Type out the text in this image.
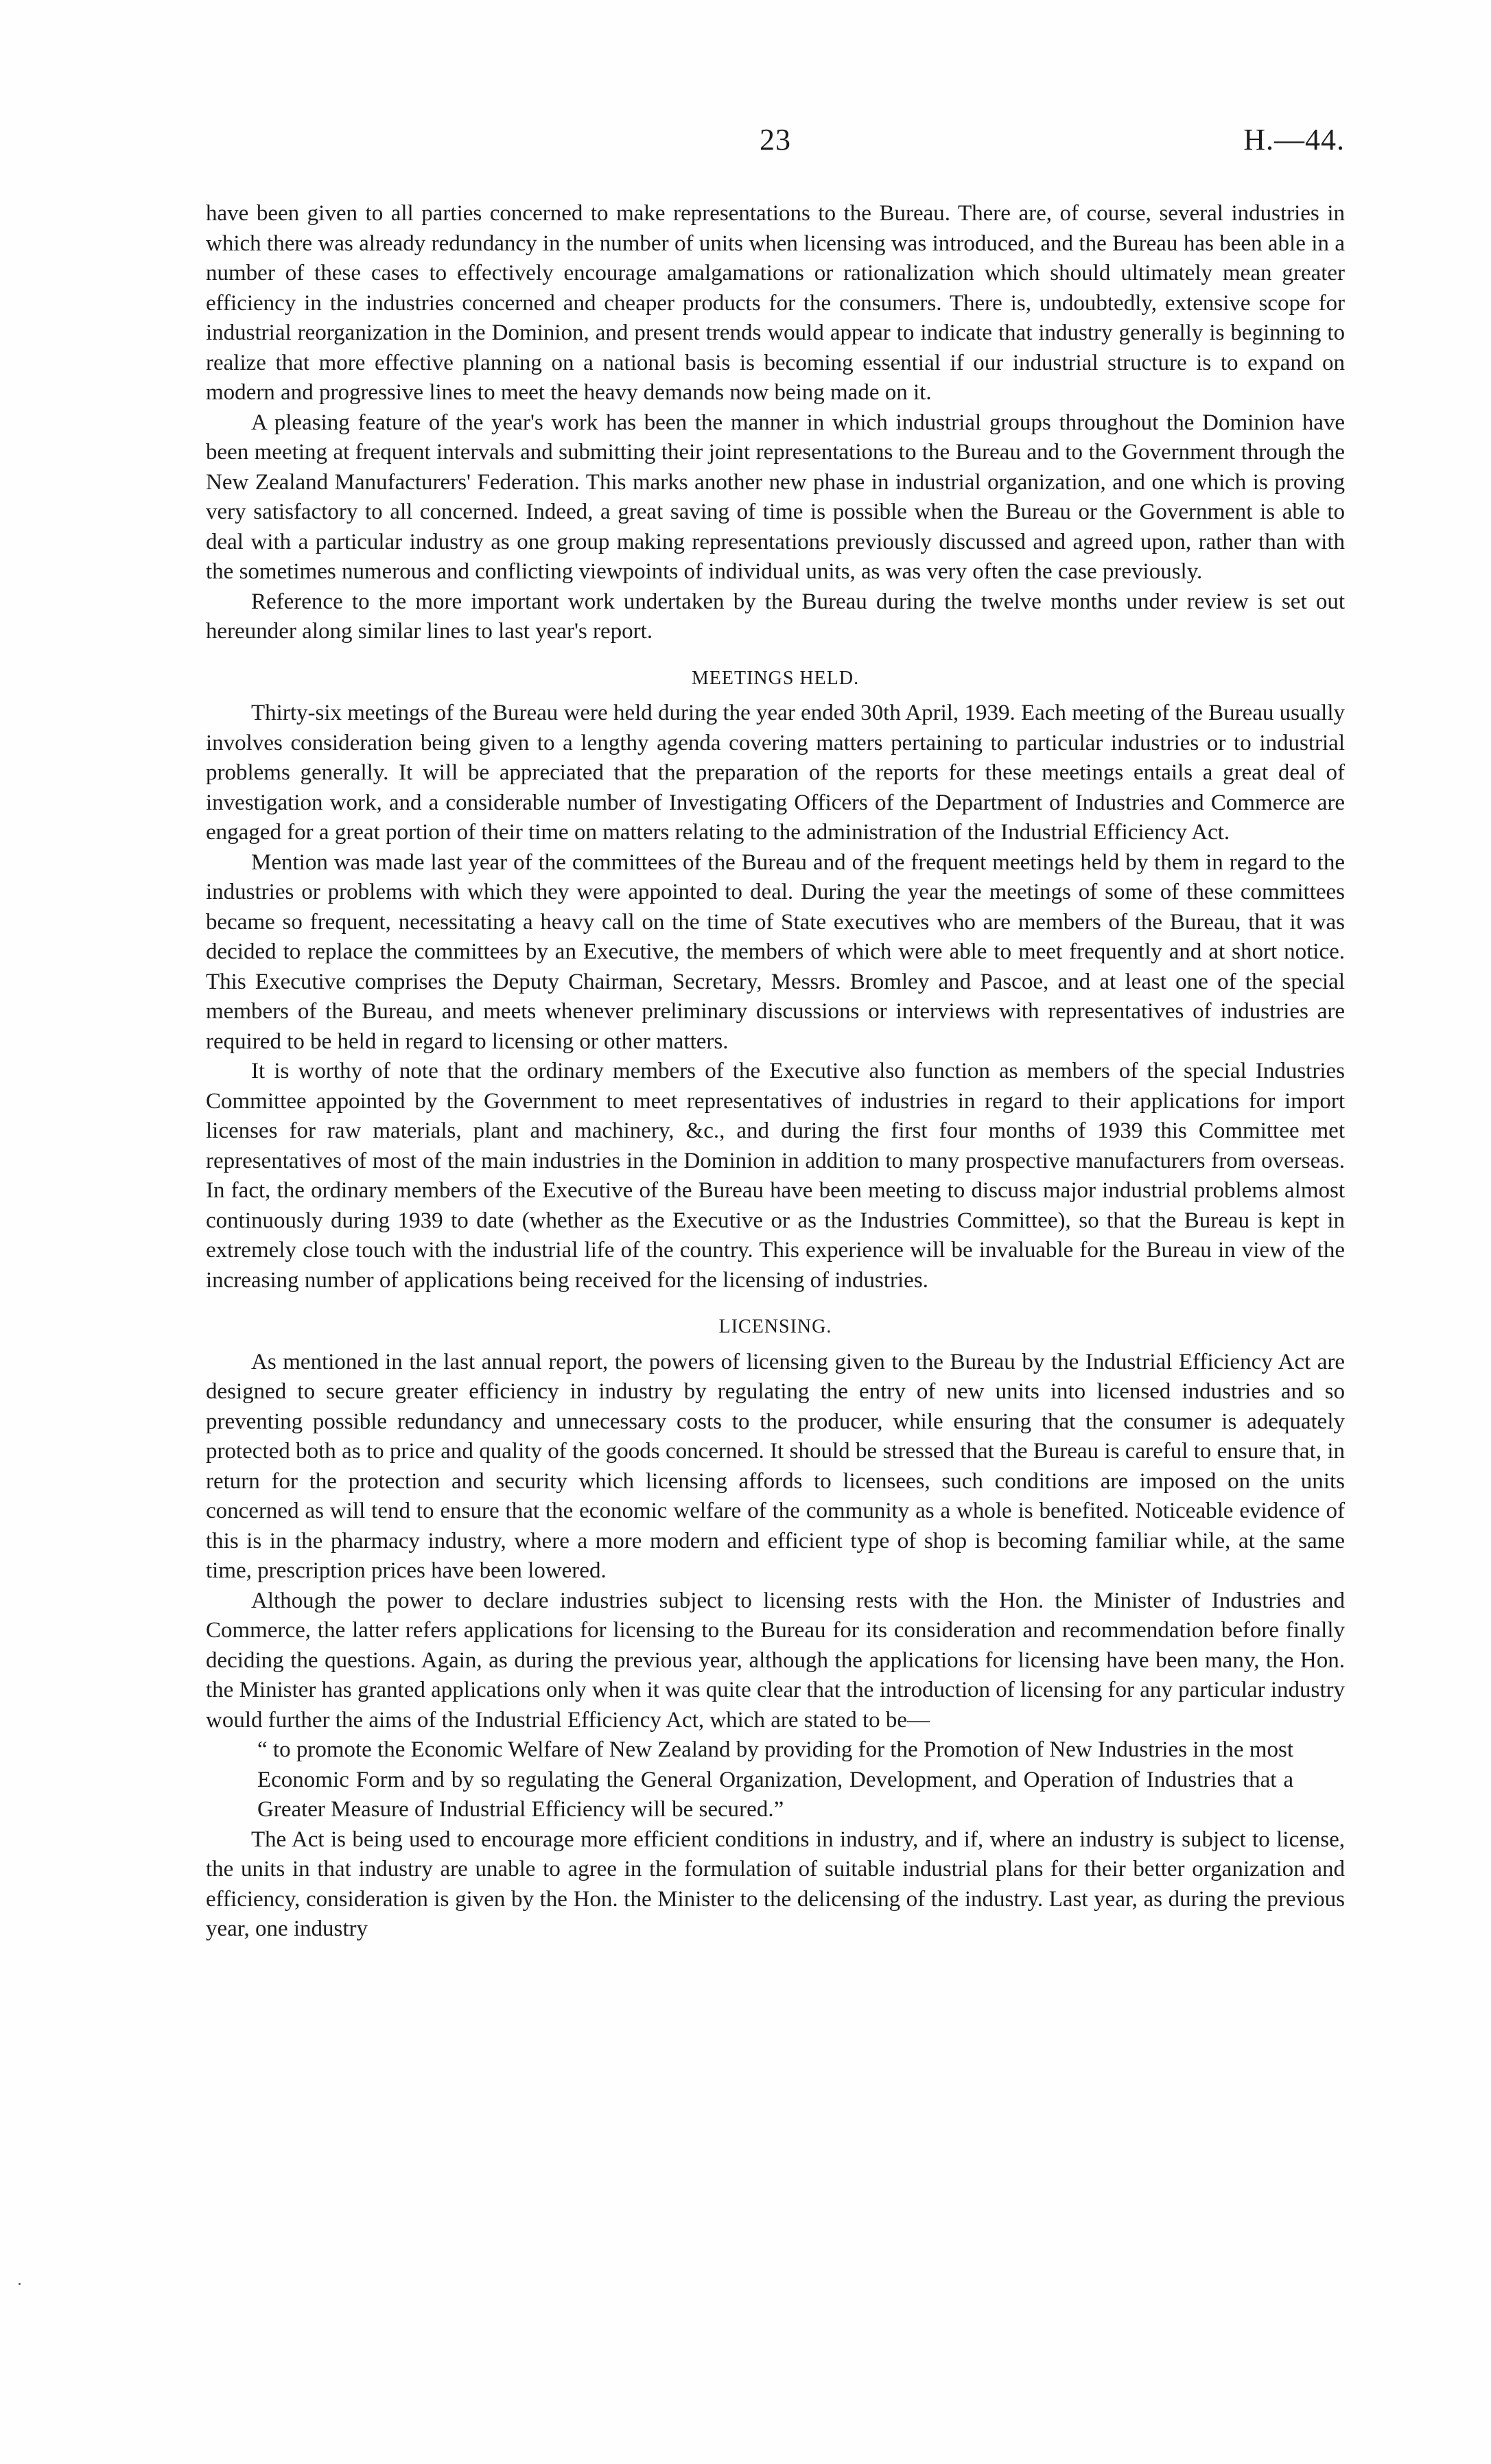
23	H.—44.

have been given to all parties concerned to make representations to the Bureau. There are, of course, several industries in which there was already redundancy in the number of units when licensing was introduced, and the Bureau has been able in a number of these cases to effectively encourage amalgamations or rationalization which should ultimately mean greater efficiency in the industries concerned and cheaper products for the consumers. There is, undoubtedly, extensive scope for industrial reorganization in the Dominion, and present trends would appear to indicate that industry generally is beginning to realize that more effective planning on a national basis is becoming essential if our industrial structure is to expand on modern and progressive lines to meet the heavy demands now being made on it.

A pleasing feature of the year's work has been the manner in which industrial groups throughout the Dominion have been meeting at frequent intervals and submitting their joint representations to the Bureau and to the Government through the New Zealand Manufacturers' Federation. This marks another new phase in industrial organization, and one which is proving very satisfactory to all concerned. Indeed, a great saving of time is possible when the Bureau or the Government is able to deal with a particular industry as one group making representations previously discussed and agreed upon, rather than with the sometimes numerous and conflicting viewpoints of individual units, as was very often the case previously.

Reference to the more important work undertaken by the Bureau during the twelve months under review is set out hereunder along similar lines to last year's report.

MEETINGS HELD.

Thirty-six meetings of the Bureau were held during the year ended 30th April, 1939. Each meeting of the Bureau usually involves consideration being given to a lengthy agenda covering matters pertaining to particular industries or to industrial problems generally. It will be appreciated that the preparation of the reports for these meetings entails a great deal of investigation work, and a considerable number of Investigating Officers of the Department of Industries and Commerce are engaged for a great portion of their time on matters relating to the administration of the Industrial Efficiency Act.

Mention was made last year of the committees of the Bureau and of the frequent meetings held by them in regard to the industries or problems with which they were appointed to deal. During the year the meetings of some of these committees became so frequent, necessitating a heavy call on the time of State executives who are members of the Bureau, that it was decided to replace the committees by an Executive, the members of which were able to meet frequently and at short notice. This Executive comprises the Deputy Chairman, Secretary, Messrs. Bromley and Pascoe, and at least one of the special members of the Bureau, and meets whenever preliminary discussions or interviews with representatives of industries are required to be held in regard to licensing or other matters.

It is worthy of note that the ordinary members of the Executive also function as members of the special Industries Committee appointed by the Government to meet representatives of industries in regard to their applications for import licenses for raw materials, plant and machinery, &c., and during the first four months of 1939 this Committee met representatives of most of the main industries in the Dominion in addition to many prospective manufacturers from overseas. In fact, the ordinary members of the Executive of the Bureau have been meeting to discuss major industrial problems almost continuously during 1939 to date (whether as the Executive or as the Industries Committee), so that the Bureau is kept in extremely close touch with the industrial life of the country. This experience will be invaluable for the Bureau in view of the increasing number of applications being received for the licensing of industries.

LICENSING.

As mentioned in the last annual report, the powers of licensing given to the Bureau by the Industrial Efficiency Act are designed to secure greater efficiency in industry by regulating the entry of new units into licensed industries and so preventing possible redundancy and unnecessary costs to the producer, while ensuring that the consumer is adequately protected both as to price and quality of the goods concerned. It should be stressed that the Bureau is careful to ensure that, in return for the protection and security which licensing affords to licensees, such conditions are imposed on the units concerned as will tend to ensure that the economic welfare of the community as a whole is benefited. Noticeable evidence of this is in the pharmacy industry, where a more modern and efficient type of shop is becoming familiar while, at the same time, prescription prices have been lowered.

Although the power to declare industries subject to licensing rests with the Hon. the Minister of Industries and Commerce, the latter refers applications for licensing to the Bureau for its consideration and recommendation before finally deciding the questions. Again, as during the previous year, although the applications for licensing have been many, the Hon. the Minister has granted applications only when it was quite clear that the introduction of licensing for any particular industry would further the aims of the Industrial Efficiency Act, which are stated to be—

“ to promote the Economic Welfare of New Zealand by providing for the Promotion of New Industries in the most Economic Form and by so regulating the General Organization, Development, and Operation of Industries that a Greater Measure of Industrial Efficiency will be secured.”

The Act is being used to encourage more efficient conditions in industry, and if, where an industry is subject to license, the units in that industry are unable to agree in the formulation of suitable industrial plans for their better organization and efficiency, consideration is given by the Hon. the Minister to the delicensing of the industry. Last year, as during the previous year, one industry
